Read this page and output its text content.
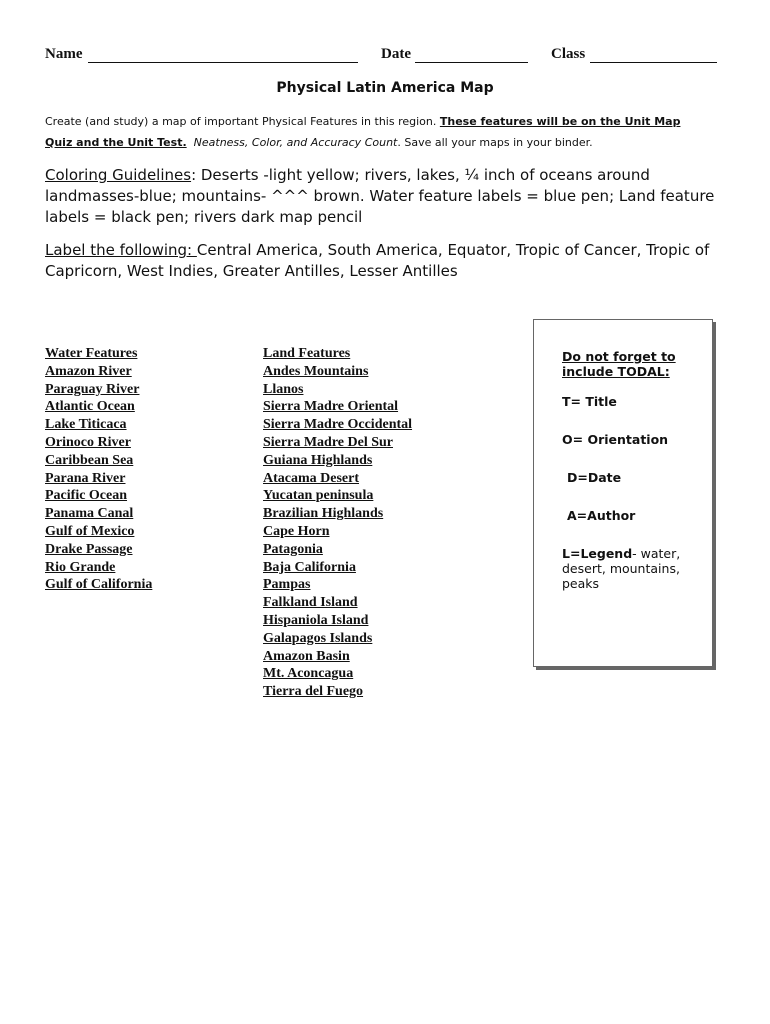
Name	Date	Class
Physical Latin America Map
Create (and study) a map of important Physical Features in this region. These features will be on the Unit Map
Quiz and the Unit Test. Neatness, Color, and Accuracy Count. Save all your maps in your binder.
Coloring Guidelines: Deserts -light yellow; rivers, lakes, ¼ inch of oceans around landmasses-blue; mountains- ^^^ brown. Water feature labels = blue pen; Land feature labels = black pen; rivers dark map pencil
Label the following: Central America, South America, Equator, Tropic of Cancer, Tropic of Capricorn, West Indies, Greater Antilles, Lesser Antilles
Water Features
Amazon River
Paraguay River
Atlantic Ocean
Lake Titicaca
Orinoco River
Caribbean Sea
Parana River
Pacific Ocean
Panama Canal
Gulf of Mexico
Drake Passage
Rio Grande
Gulf of California
Land Features
Andes Mountains
Llanos
Sierra Madre Oriental
Sierra Madre Occidental
Sierra Madre Del Sur
Guiana Highlands
Atacama Desert
Yucatan peninsula
Brazilian Highlands
Cape Horn
Patagonia
Baja California
Pampas
Falkland Island
Hispaniola Island
Galapagos Islands
Amazon Basin
Mt. Aconcagua
Tierra del Fuego
Do not forget to
include TODAL:
T= Title
O= Orientation
D=Date
A=Author
L=Legend- water, desert, mountains, peaks
